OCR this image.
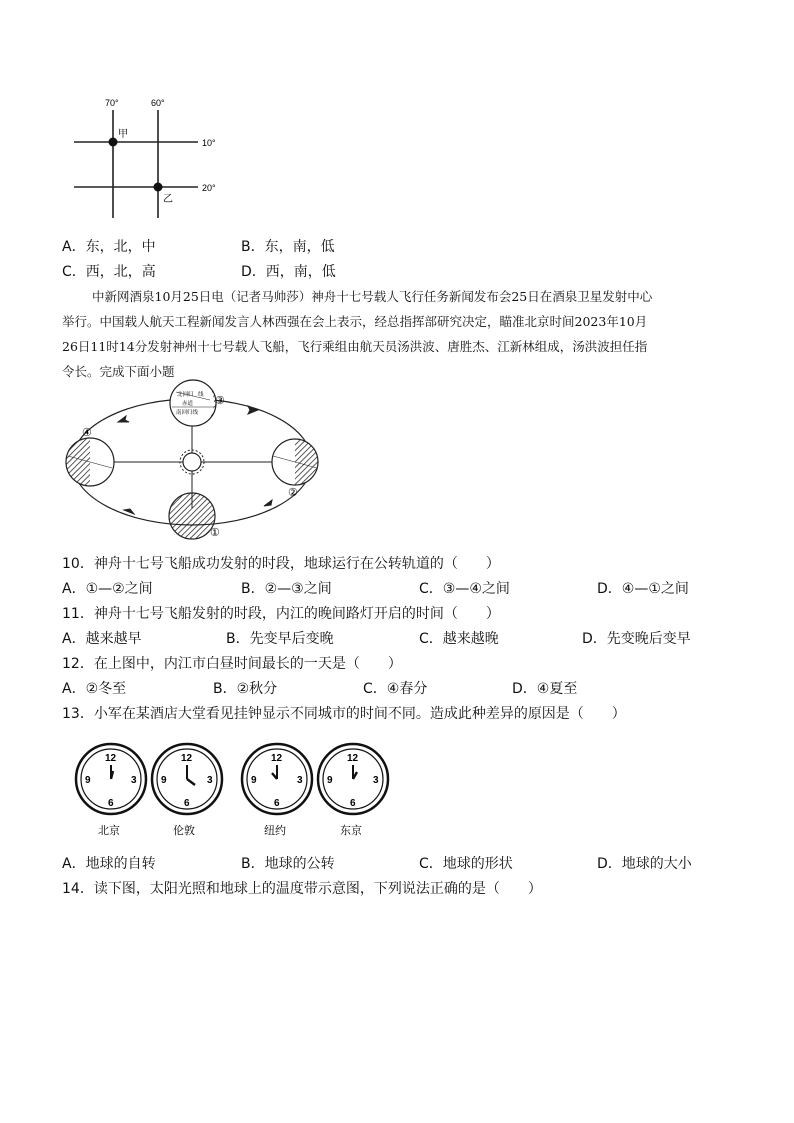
70°	60°
10°
20°
甲
乙
A．东，北，中	B．东，南，低
C．西，北，高	D．西，南，低
中新网酒泉10月25日电（记者马帅莎）神舟十七号载人飞行任务新闻发布会25日在酒泉卫星发射中心
举行。中国载人航天工程新闻发言人林西强在会上表示，经总指挥部研究决定，瞄准北京时间2023年10月
26日11时14分发射神州十七号载人飞船，飞行乘组由航天员汤洪波、唐胜杰、江新林组成，汤洪波担任指
令长。完成下面小题
北回归 线
赤道
南回归线
③
④
②
①
10．神舟十七号飞船成功发射的时段，地球运行在公转轨道的（　　）
A．①—②之间	B．②—③之间	C．③—④之间	D．④—①之间
11．神舟十七号飞船发射的时段，内江的晚间路灯开启的时间（　　）
A．越来越早	B．先变早后变晚	C．越来越晚	D．先变晚后变早
12．在上图中，内江市白昼时间最长的一天是（　　）
A．②冬至	B．②秋分	C．④春分	D．④夏至
13．小军在某酒店大堂看见挂钟显示不同城市的时间不同。造成此种差异的原因是（　　）
12
3
6
9
12
3
6
9
12
3
6
9
12
3
6
9
北京	伦敦	纽约	东京
A．地球的自转	B．地球的公转	C．地球的形状	D．地球的大小
14．读下图，太阳光照和地球上的温度带示意图，下列说法正确的是（　　）
